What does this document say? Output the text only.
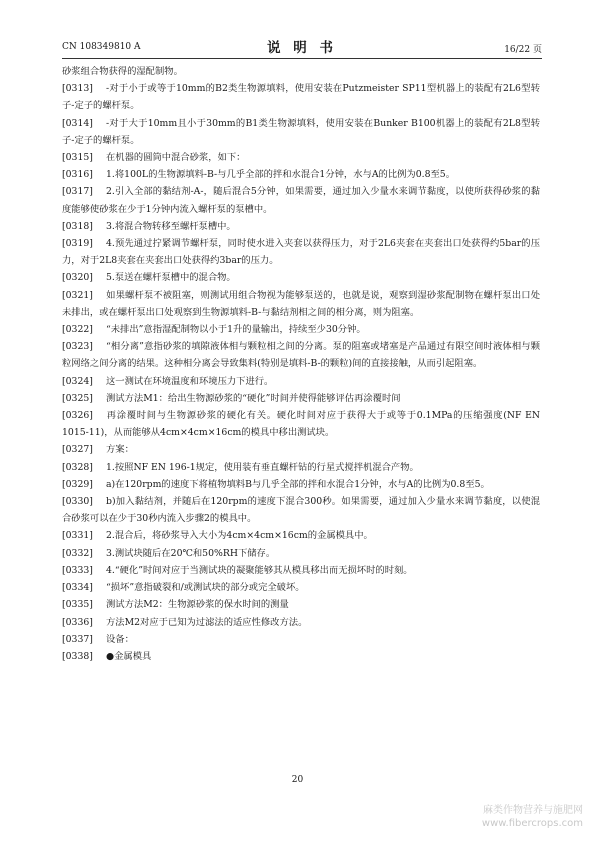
CN 108349810 A	说 明 书	16/22 页

砂浆组合物获得的湿配制物。

[0313] -对于小于或等于10mm的B2类生物源填料，使用安装在Putzmeister SP11型机器上的装配有2L6型转子-定子的螺杆泵。

[0314] -对于大于10mm且小于30mm的B1类生物源填料，使用安装在Bunker B100机器上的装配有2L8型转子-定子的螺杆泵。

[0315] 在机器的圆筒中混合砂浆，如下：

[0316] 1.将100L的生物源填料-B-与几乎全部的拌和水混合1分钟，水与A的比例为0.8至5。

[0317] 2.引入全部的黏结剂-A-，随后混合5分钟，如果需要，通过加入少量水来调节黏度，以使所获得砂浆的黏度能够使砂浆在少于1分钟内流入螺杆泵的泵槽中。

[0318] 3.将混合物转移至螺杆泵槽中。

[0319] 4.预先通过拧紧调节螺杆泵，同时使水进入夹套以获得压力，对于2L6夹套在夹套出口处获得约5bar的压力，对于2L8夹套在夹套出口处获得约3bar的压力。

[0320] 5.泵送在螺杆泵槽中的混合物。

[0321] 如果螺杆泵不被阻塞，则测试用组合物视为能够泵送的，也就是说，观察到湿砂浆配制物在螺杆泵出口处未排出，或在螺杆泵出口处观察到生物源填料-B-与黏结剂相之间的相分离，则为阻塞。

[0322] “未排出”意指湿配制物以小于1升的量输出，持续至少30分钟。

[0323] “相分离”意指砂浆的填隙液体相与颗粒相之间的分离。泵的阻塞或堵塞是产品通过有限空间时液体相与颗粒网络之间分离的结果。这种相分离会导致集料(特别是填料-B-的颗粒)间的直接接触，从而引起阻塞。

[0324] 这一测试在环境温度和环境压力下进行。

[0325] 测试方法M1：给出生物源砂浆的“硬化”时间并使得能够评估再涂覆时间

[0326] 再涂覆时间与生物源砂浆的硬化有关。硬化时间对应于获得大于或等于0.1MPa的压缩强度(NF EN 1015-11)，从而能够从4cm×4cm×16cm的模具中移出测试块。

[0327] 方案：

[0328] 1.按照NF EN 196-1规定，使用装有垂直螺杆钻的行星式搅拌机混合产物。

[0329] a)在120rpm的速度下将植物填料B与几乎全部的拌和水混合1分钟，水与A的比例为0.8至5。

[0330] b)加入黏结剂，并随后在120rpm的速度下混合300秒。如果需要，通过加入少量水来调节黏度，以使混合砂浆可以在少于30秒内流入步骤2的模具中。

[0331] 2.混合后，将砂浆导入大小为4cm×4cm×16cm的金属模具中。

[0332] 3.测试块随后在20℃和50%RH下储存。

[0333] 4.“硬化”时间对应于当测试块的凝聚能够其从模具移出而无损坏时的时刻。

[0334] “损坏”意指破裂和/或测试块的部分或完全破坏。

[0335] 测试方法M2：生物源砂浆的保水时间的测量

[0336] 方法M2对应于已知为过滤法的适应性修改方法。

[0337] 设备：

[0338] ●金属模具

20
麻类作物营养与施肥网
www.fibercrops.com
